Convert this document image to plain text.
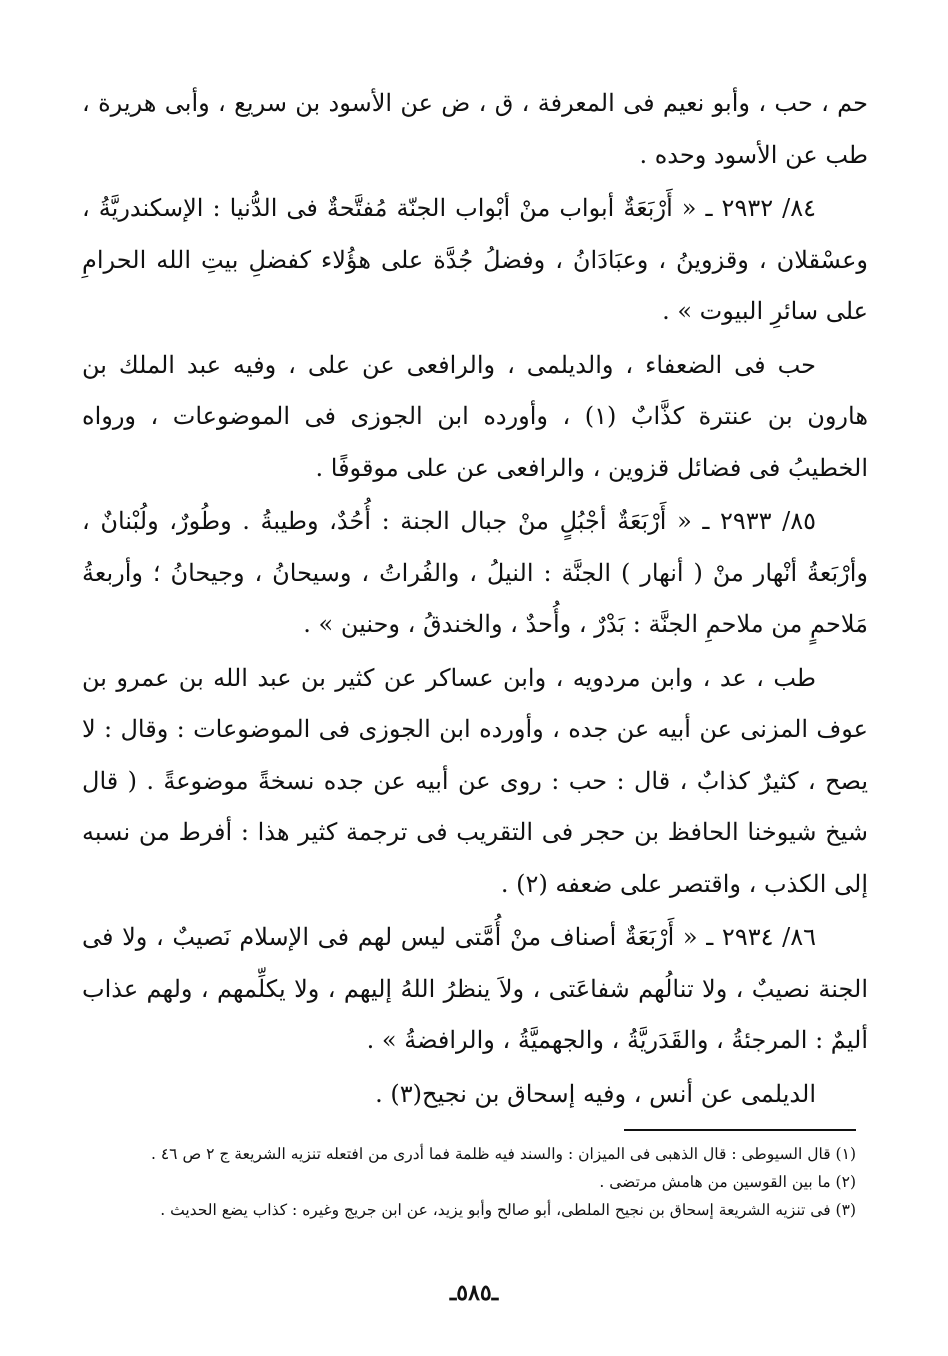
حم ، حب ، وأبو نعيم فى المعرفة ، ق ، ض عن الأسود بن سريع ، وأبى هريرة ، طب عن الأسود وحده .

٨٤/ ٢٩٣٢ ـ « أَرْبَعَةٌ أبواب منْ أبْواب الجنّة مُفتَّحةٌ فى الدُّنيا : الإسكندريَّةُ ، وعسْقلان ، وقزوينُ ، وعبَادَانُ ، وفضلُ جُدَّة على هؤُلاء كفضلِ بيتِ الله الحرامِ على سائرِ البيوت » .

حب فى الضعفاء ، والديلمى ، والرافعى عن على ، وفيه عبد الملك بن هارون بن عنترة كذَّابٌ (١) ، وأورده ابن الجوزى فى الموضوعات ، ورواه الخطيبُ فى فضائل قزوين ، والرافعى عن على موقوفًا .

٨٥/ ٢٩٣٣ ـ « أَرْبَعَةٌ أجْبُلٍ منْ جبال الجنة : أُحُدٌ، وطيبةُ . وطُورٌ، ولُبْنانٌ ، وأرْبَعةُ أنْهار منْ ( أنهار ) الجنَّة : النيلُ ، والفُراتُ ، وسيحانُ ، وجيحانُ ؛ وأربعةُ مَلاحمٍ من ملاحمِ الجنَّة : بَدْرٌ ، وأُحدٌ ، والخندقُ ، وحنين » .

طب ، عد ، وابن مردويه ، وابن عساكر عن كثير بن عبد الله بن عمرو بن عوف المزنى عن أبيه عن جده ، وأورده ابن الجوزى فى الموضوعات : وقال : لا يصح ، كثيرٌ كذابٌ ، قال : حب : روى عن أبيه عن جده نسخةً موضوعةً . ( قال شيخ شيوخنا الحافظ بن حجر فى التقريب فى ترجمة كثير هذا : أفرط من نسبه إلى الكذب ، واقتصر على ضعفه (٢) .

٨٦/ ٢٩٣٤ ـ « أَرْبَعَةٌ أصناف منْ أُمَّتى ليس لهم فى الإسلام نَصيبٌ ، ولا فى الجنة نصيبٌ ، ولا تنالُهم شفاعَتى ، ولاَ ينظرُ اللهُ إليهم ، ولا يكلِّمهم ، ولهم عذاب أليمٌ : المرجئةُ ، والقَدَريَّةُ ، والجهميَّةُ ، والرافضةُ » .

الديلمى عن أنس ، وفيه إسحاق بن نجيح(٣) .

(١) قال السيوطى : قال الذهبى فى الميزان : والسند فيه ظلمة فما أدرى من افتعله تنزيه الشريعة ج ٢ ص ٤٦ .

(٢) ما بين القوسين من هامش مرتضى .

(٣) فى تنزيه الشريعة إسحاق بن نجيح الملطى، أبو صالح وأبو يزيد، عن ابن جريج وغيره : كذاب يضع الحديث .

ـ٥٨٥ـ
